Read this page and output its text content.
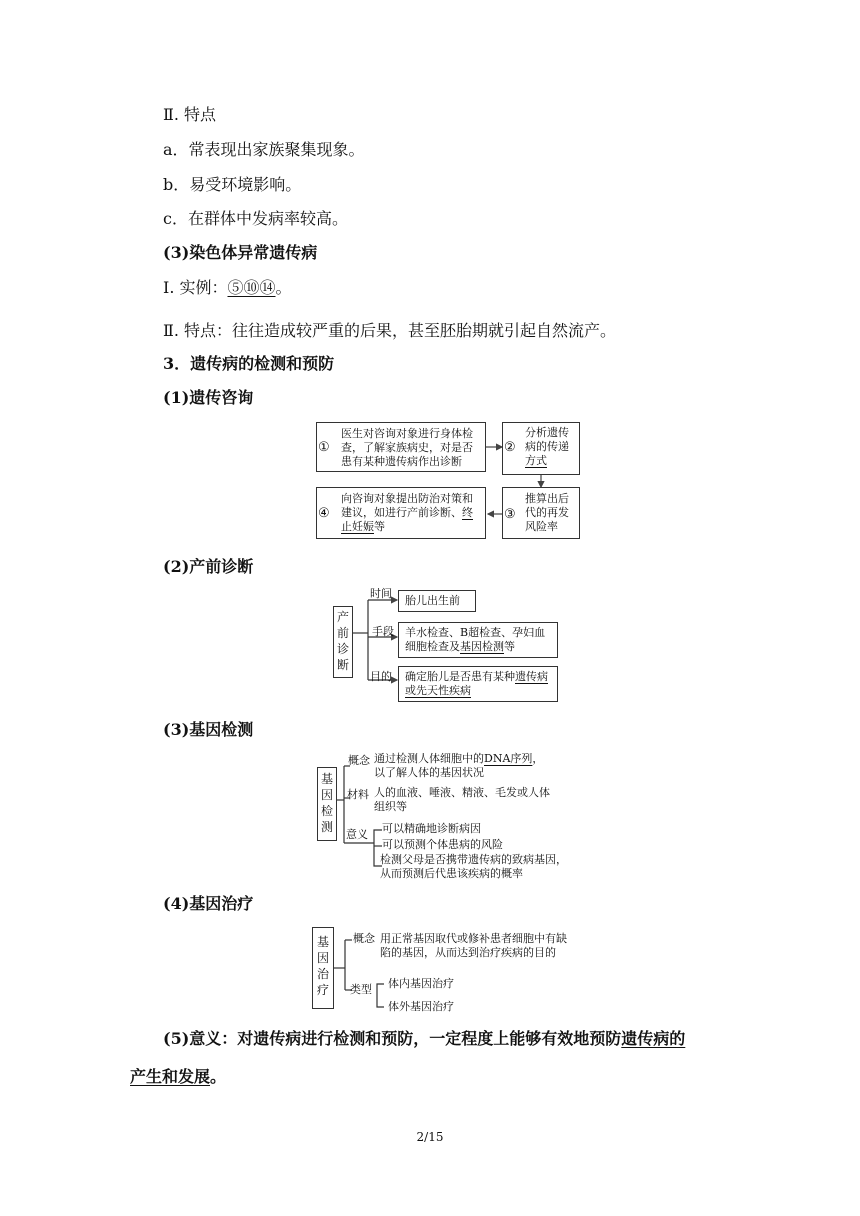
Ⅱ. 特点
a．常表现出家族聚集现象。
b．易受环境影响。
c．在群体中发病率较高。
(3)染色体异常遗传病
Ⅰ. 实例：⑤⑩⑭。
Ⅱ. 特点：往往造成较严重的后果，甚至胚胎期就引起自然流产。
3．遗传病的检测和预防
(1)遗传咨询
医生对咨询对象进行身体检查，了解家族病史，对是否患有某种遗传病作出诊断
①
分析遗传病的传递方式
②
推算出后代的再发风险率
③
向咨询对象提出防治对策和建议，如进行产前诊断、终止妊娠等
④
(2)产前诊断
产前诊断
时间
胎儿出生前
手段	羊水检查、B超检查、孕妇血细胞检查及基因检测等
目的	确定胎儿是否患有某种遗传病或先天性疾病
(3)基因检测
基因检测
概念 通过检测人体细胞中的DNA序列，
以了解人体的基因状况
材料 人的血液、唾液、精液、毛发或人体
组织等
意义 可以精确地诊断病因
可以预测个体患病的风险
检测父母是否携带遗传病的致病基因，
从而预测后代患该疾病的概率
(4)基因治疗
基因治疗
概念 用正常基因取代或修补患者细胞中有缺
陷的基因，从而达到治疗疾病的目的
类型 体内基因治疗
体外基因治疗
(5)意义：对遗传病进行检测和预防，一定程度上能够有效地预防遗传病的
产生和发展。
2/15
